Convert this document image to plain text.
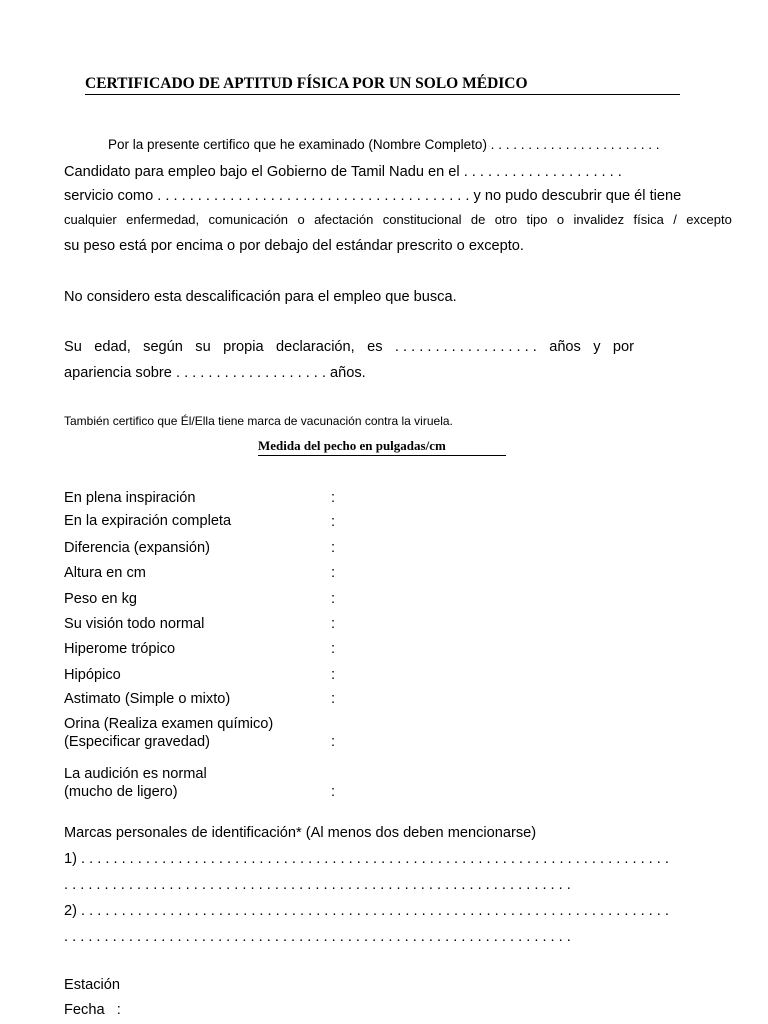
CERTIFICADO DE APTITUD FÍSICA POR UN SOLO MÉDICO
Por la presente certifico que he examinado (Nombre Completo) . . . . . . . . . . . . . . . . . . . . . . .
Candidato para empleo bajo el Gobierno de Tamil Nadu en el . . . . . . . . . . . . . . . . . . . .
servicio como . . . . . . . . . . . . . . . . . . . . . . . . . . . . . . . . . . . . . . . y no pudo descubrir que él tiene
cualquier enfermedad, comunicación o afectación constitucional de otro tipo o invalidez física / excepto
su peso está por encima o por debajo del estándar prescrito o excepto.
No considero esta descalificación para el empleo que busca.
Su edad, según su propia declaración, es . . . . . . . . . . . . . . . . . . años y por
apariencia sobre . . . . . . . . . . . . . . . . . . . años.
También certifico que Él/Ella tiene marca de vacunación contra la viruela.
Medida del pecho en pulgadas/cm
En plena inspiración	:
En la expiración completa	:
Diferencia (expansión)	:
Altura en cm	:
Peso en kg	:
Su visión todo normal	:
Hiperome trópico	:
Hipópico	:
Astimato (Simple o mixto)	:
Orina (Realiza examen químico)
(Especificar gravedad)	:
La audición es normal
(mucho de ligero)	:
Marcas personales de identificación* (Al menos dos deben mencionarse)
1) . . . . . . . . . . . . . . . . . . . . . . . . . . . . . . . . . . . . . . . . . . . . . . . . . . . . . . . . . . . . . . . . . . . . . . . . .
. . . . . . . . . . . . . . . . . . . . . . . . . . . . . . . . . . . . . . . . . . . . . . . . . . . . . . . . . . . . . . .
2) . . . . . . . . . . . . . . . . . . . . . . . . . . . . . . . . . . . . . . . . . . . . . . . . . . . . . . . . . . . . . . . . . . . . . . . . .
. . . . . . . . . . . . . . . . . . . . . . . . . . . . . . . . . . . . . . . . . . . . . . . . . . . . . . . . . . . . . . .
Estación
Fecha   :
